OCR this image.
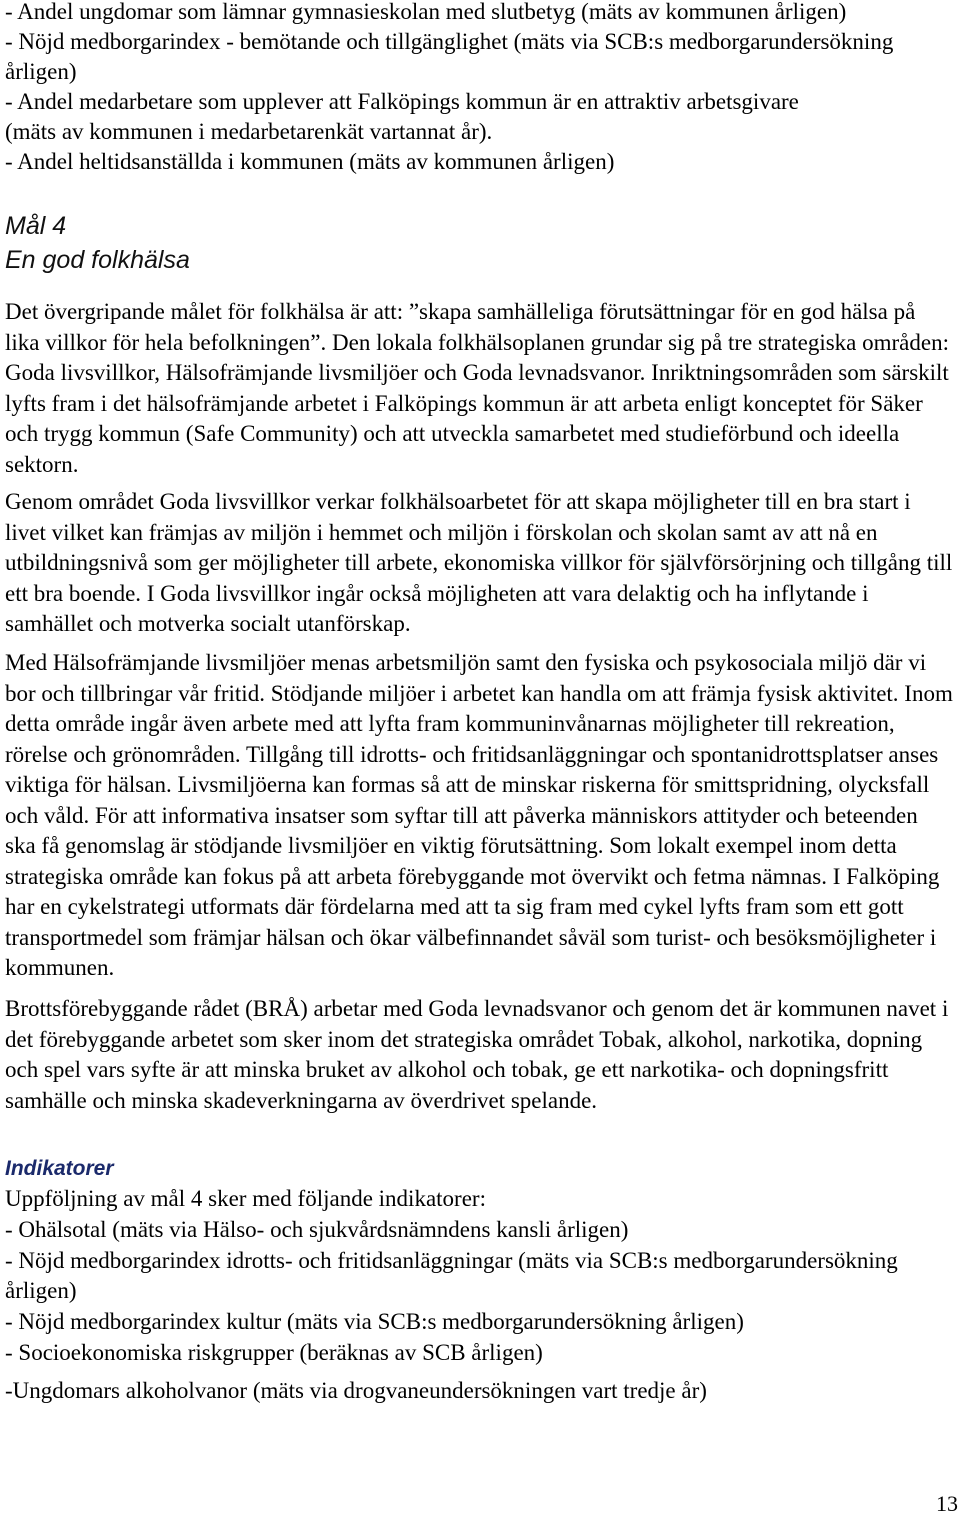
- Andel ungdomar som lämnar gymnasieskolan med slutbetyg (mäts av kommunen årligen)
- Nöjd medborgarindex - bemötande och tillgänglighet (mäts via SCB:s medborgarundersökning
årligen)
- Andel medarbetare som upplever att Falköpings kommun är en attraktiv arbetsgivare
(mäts av kommunen i medarbetarenkät vartannat år).
- Andel heltidsanställda i kommunen (mäts av kommunen årligen)
Mål 4
En god folkhälsa
Det övergripande målet för folkhälsa är att: ”skapa samhälleliga förutsättningar för en god hälsa på
lika villkor för hela befolkningen”. Den lokala folkhälsoplanen grundar sig på tre strategiska områden:
Goda livsvillkor, Hälsofrämjande livsmiljöer och Goda levnadsvanor. Inriktningsområden som särskilt
lyfts fram i det hälsofrämjande arbetet i Falköpings kommun är att arbeta enligt konceptet för Säker
och trygg kommun (Safe Community) och att utveckla samarbetet med studieförbund och ideella
sektorn.
Genom området Goda livsvillkor verkar folkhälsoarbetet för att skapa möjligheter till en bra start i
livet vilket kan främjas av miljön i hemmet och miljön i förskolan och skolan samt av att nå en
utbildningsnivå som ger möjligheter till arbete, ekonomiska villkor för självförsörjning och tillgång till
ett bra boende. I Goda livsvillkor ingår också möjligheten att vara delaktig och ha inflytande i
samhället och motverka socialt utanförskap.
Med Hälsofrämjande livsmiljöer menas arbetsmiljön samt den fysiska och psykosociala miljö där vi
bor och tillbringar vår fritid. Stödjande miljöer i arbetet kan handla om att främja fysisk aktivitet. Inom
detta område ingår även arbete med att lyfta fram kommuninvånarnas möjligheter till rekreation,
rörelse och grönområden. Tillgång till idrotts- och fritidsanläggningar och spontanidrottsplatser anses
viktiga för hälsan. Livsmiljöerna kan formas så att de minskar riskerna för smittspridning, olycksfall
och våld. För att informativa insatser som syftar till att påverka människors attityder och beteenden
ska få genomslag är stödjande livsmiljöer en viktig förutsättning. Som lokalt exempel inom detta
strategiska område kan fokus på att arbeta förebyggande mot övervikt och fetma nämnas. I Falköping
har en cykelstrategi utformats där fördelarna med att ta sig fram med cykel lyfts fram som ett gott
transportmedel som främjar hälsan och ökar välbefinnandet såväl som turist- och besöksmöjligheter i
kommunen.
Brottsförebyggande rådet (BRÅ) arbetar med Goda levnadsvanor och genom det är kommunen navet i
det förebyggande arbetet som sker inom det strategiska området Tobak, alkohol, narkotika, dopning
och spel vars syfte är att minska bruket av alkohol och tobak, ge ett narkotika- och dopningsfritt
samhälle och minska skadeverkningarna av överdrivet spelande.
Indikatorer
Uppföljning av mål 4 sker med följande indikatorer:
- Ohälsotal (mäts via Hälso- och sjukvårdsnämndens kansli årligen)
- Nöjd medborgarindex idrotts- och fritidsanläggningar (mäts via SCB:s medborgarundersökning
årligen)
- Nöjd medborgarindex kultur (mäts via SCB:s medborgarundersökning årligen)
- Socioekonomiska riskgrupper (beräknas av SCB årligen)
-Ungdomars alkoholvanor (mäts via drogvaneundersökningen vart tredje år)
13
